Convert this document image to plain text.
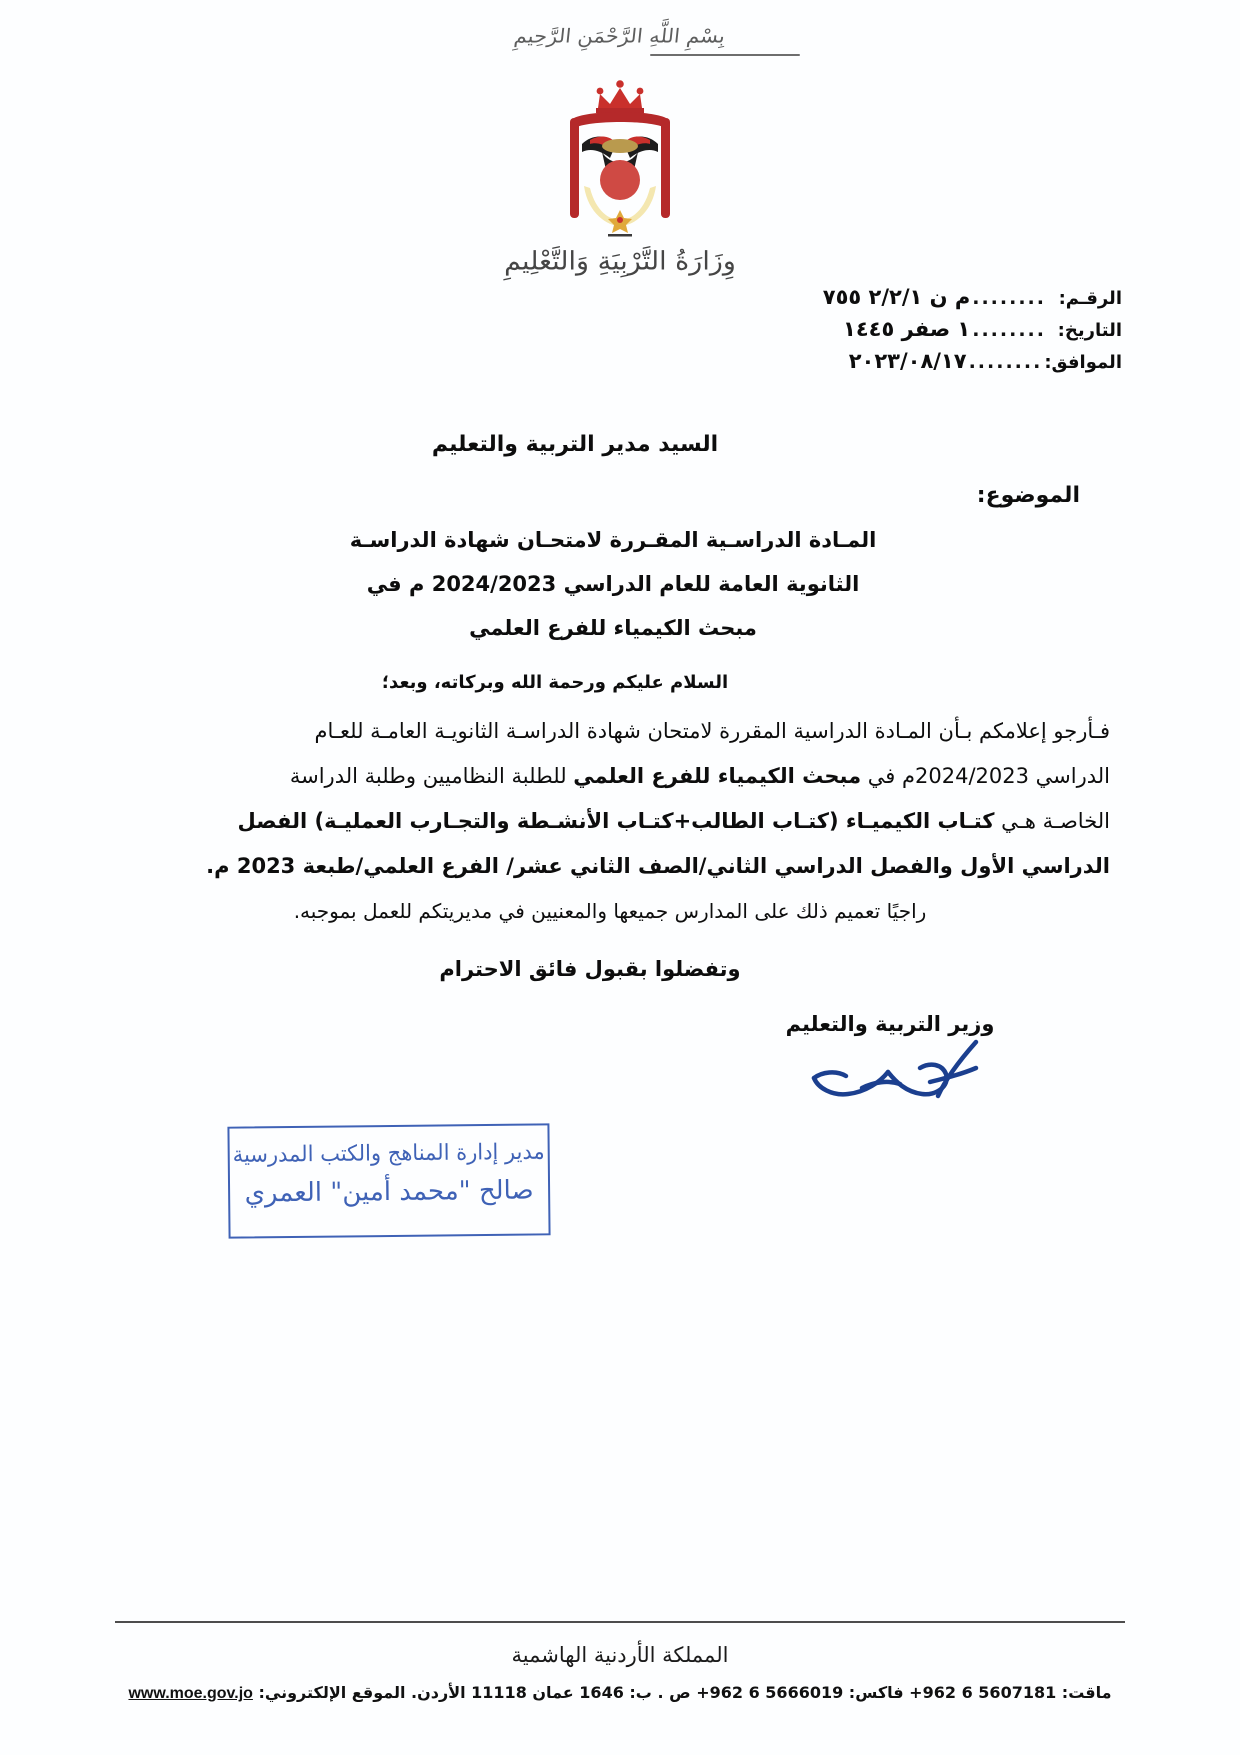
بِسْمِ اللَّهِ الرَّحْمَنِ الرَّحِيمِ
وِزَارَةُ التَّرْبِيَةِ وَالتَّعْلِيمِ
الرقـم:
........
م ن ٢/٢/١ ٧٥٥
التاريخ:
........
١ صفر ١٤٤٥
الموافق:
........
٢٠٢٣/٠٨/١٧
السيد مدير التربية والتعليم
الموضوع:
المـادة الدراسـية المقـررة لامتحـان شهادة الدراسـة
الثانوية العامة للعام الدراسي 2024/2023 م في
مبحث الكيمياء للفرع العلمي
السلام عليكم ورحمة الله وبركاته، وبعد؛
فـأرجو إعلامكم بـأن المـادة الدراسية المقررة لامتحان شهادة الدراسـة الثانويـة العامـة للعـام
الدراسي 2024/2023م في مبحث الكيمياء للفرع العلمي للطلبة النظاميين وطلبة الدراسة
الخاصـة هـي كتـاب الكيميـاء (كتـاب الطالب+كتـاب الأنشـطة والتجـارب العمليـة) الفصل
الدراسي الأول والفصل الدراسي الثاني/الصف الثاني عشر/ الفرع العلمي/طبعة 2023 م.
راجيًا تعميم ذلك على المدارس جميعها والمعنيين في مديريتكم للعمل بموجبه.
وتفضلوا بقبول فائق الاحترام
وزير التربية والتعليم
مدير إدارة المناهج والكتب المدرسية
صالح "محمد أمين" العمري
المملكة الأردنية الهاشمية
ماقت: 5607181 6 962+ فاكس: 5666019 6 962+ ص . ب: 1646 عمان 11118 الأردن. الموقع الإلكتروني: www.moe.gov.jo
